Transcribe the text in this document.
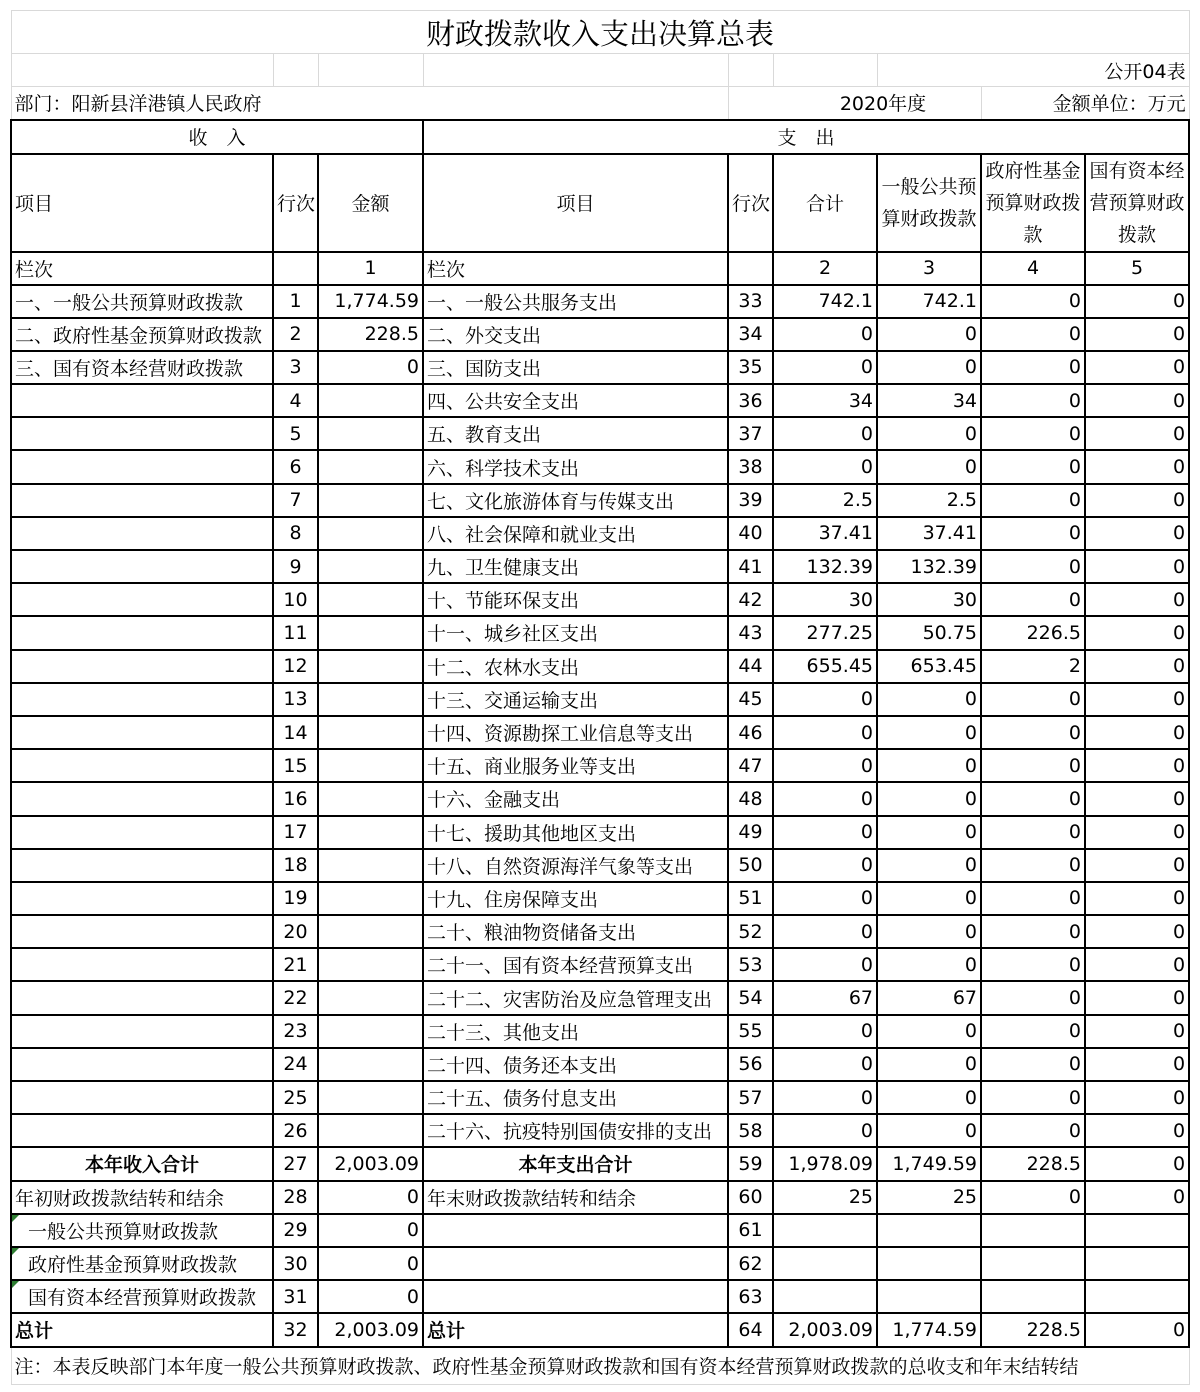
财政拨款收入支出决算总表								
						公开04表		
部门：阳新县洋港镇人民政府				2020年度			金额单位：万元	
收　入			支　出					
项目	行次	金额	项目	行次	合计	一般公共预算财政拨款	政府性基金预算财政拨款	国有资本经营预算财政拨款
栏次		1	栏次		2	3	4	5
一、一般公共预算财政拨款	1	1,774.59	一、一般公共服务支出	33	742.1	742.1	0	0
二、政府性基金预算财政拨款	2	228.5	二、外交支出	34	0	0	0	0
三、国有资本经营财政拨款	3	0	三、国防支出	35	0	0	0	0
	4		四、公共安全支出	36	34	34	0	0
	5		五、教育支出	37	0	0	0	0
	6		六、科学技术支出	38	0	0	0	0
	7		七、文化旅游体育与传媒支出	39	2.5	2.5	0	0
	8		八、社会保障和就业支出	40	37.41	37.41	0	0
	9		九、卫生健康支出	41	132.39	132.39	0	0
	10		十、节能环保支出	42	30	30	0	0
	11		十一、城乡社区支出	43	277.25	50.75	226.5	0
	12		十二、农林水支出	44	655.45	653.45	2	0
	13		十三、交通运输支出	45	0	0	0	0
	14		十四、资源勘探工业信息等支出	46	0	0	0	0
	15		十五、商业服务业等支出	47	0	0	0	0
	16		十六、金融支出	48	0	0	0	0
	17		十七、援助其他地区支出	49	0	0	0	0
	18		十八、自然资源海洋气象等支出	50	0	0	0	0
	19		十九、住房保障支出	51	0	0	0	0
	20		二十、粮油物资储备支出	52	0	0	0	0
	21		二十一、国有资本经营预算支出	53	0	0	0	0
	22		二十二、灾害防治及应急管理支出	54	67	67	0	0
	23		二十三、其他支出	55	0	0	0	0
	24		二十四、债务还本支出	56	0	0	0	0
	25		二十五、债务付息支出	57	0	0	0	0
	26		二十六、抗疫特别国债安排的支出	58	0	0	0	0
本年收入合计	27	2,003.09	本年支出合计	59	1,978.09	1,749.59	228.5	0
年初财政拨款结转和结余	28	0	年末财政拨款结转和结余	60	25	25	0	0
一般公共预算财政拨款	29	0		61				
政府性基金预算财政拨款	30	0		62				
国有资本经营预算财政拨款	31	0		63				
总计	32	2,003.09	总计	64	2,003.09	1,774.59	228.5	0
注：本表反映部门本年度一般公共预算财政拨款、政府性基金预算财政拨款和国有资本经营预算财政拨款的总收支和年末结转结								
